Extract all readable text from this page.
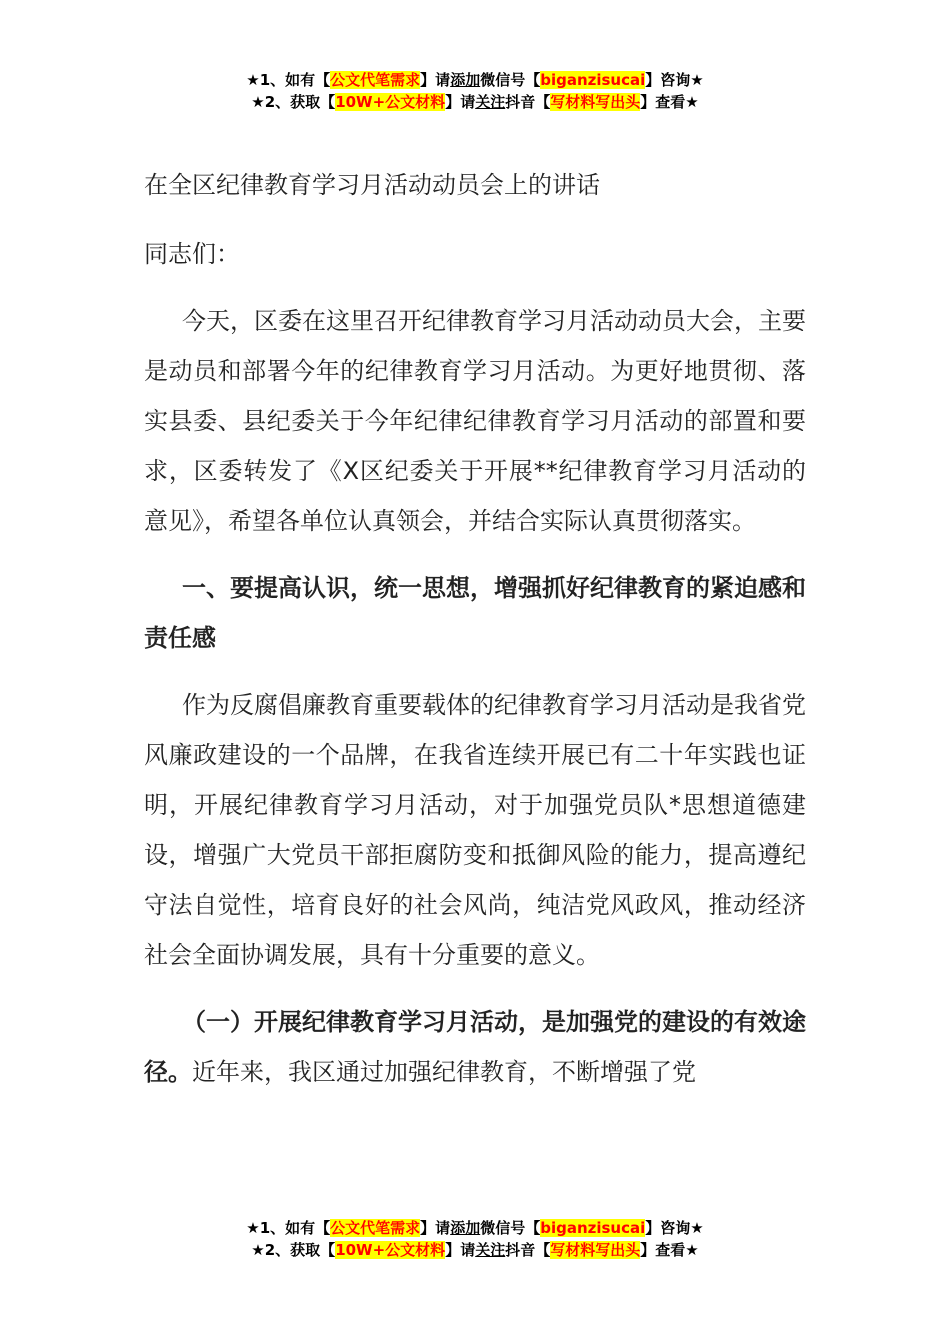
★1、如有【公文代笔需求】请添加微信号【biganzisucai】咨询★
★2、获取【10W+公文材料】请关注抖音【写材料写出头】查看★
在全区纪律教育学习月活动动员会上的讲话
同志们：
今天，区委在这里召开纪律教育学习月活动动员大会，主要是动员和部署今年的纪律教育学习月活动。为更好地贯彻、落实县委、县纪委关于今年纪律纪律教育学习月活动的部置和要求，区委转发了《X区纪委关于开展**纪律教育学习月活动的意见》，希望各单位认真领会，并结合实际认真贯彻落实。
一、要提高认识，统一思想，增强抓好纪律教育的紧迫感和责任感
作为反腐倡廉教育重要载体的纪律教育学习月活动是我省党风廉政建设的一个品牌，在我省连续开展已有二十年实践也证明，开展纪律教育学习月活动，对于加强党员队*思想道德建设，增强广大党员干部拒腐防变和抵御风险的能力，提高遵纪守法自觉性，培育良好的社会风尚，纯洁党风政风，推动经济社会全面协调发展，具有十分重要的意义。
（一）开展纪律教育学习月活动，是加强党的建设的有效途径。近年来，我区通过加强纪律教育，不断增强了党
★1、如有【公文代笔需求】请添加微信号【biganzisucai】咨询★
★2、获取【10W+公文材料】请关注抖音【写材料写出头】查看★
